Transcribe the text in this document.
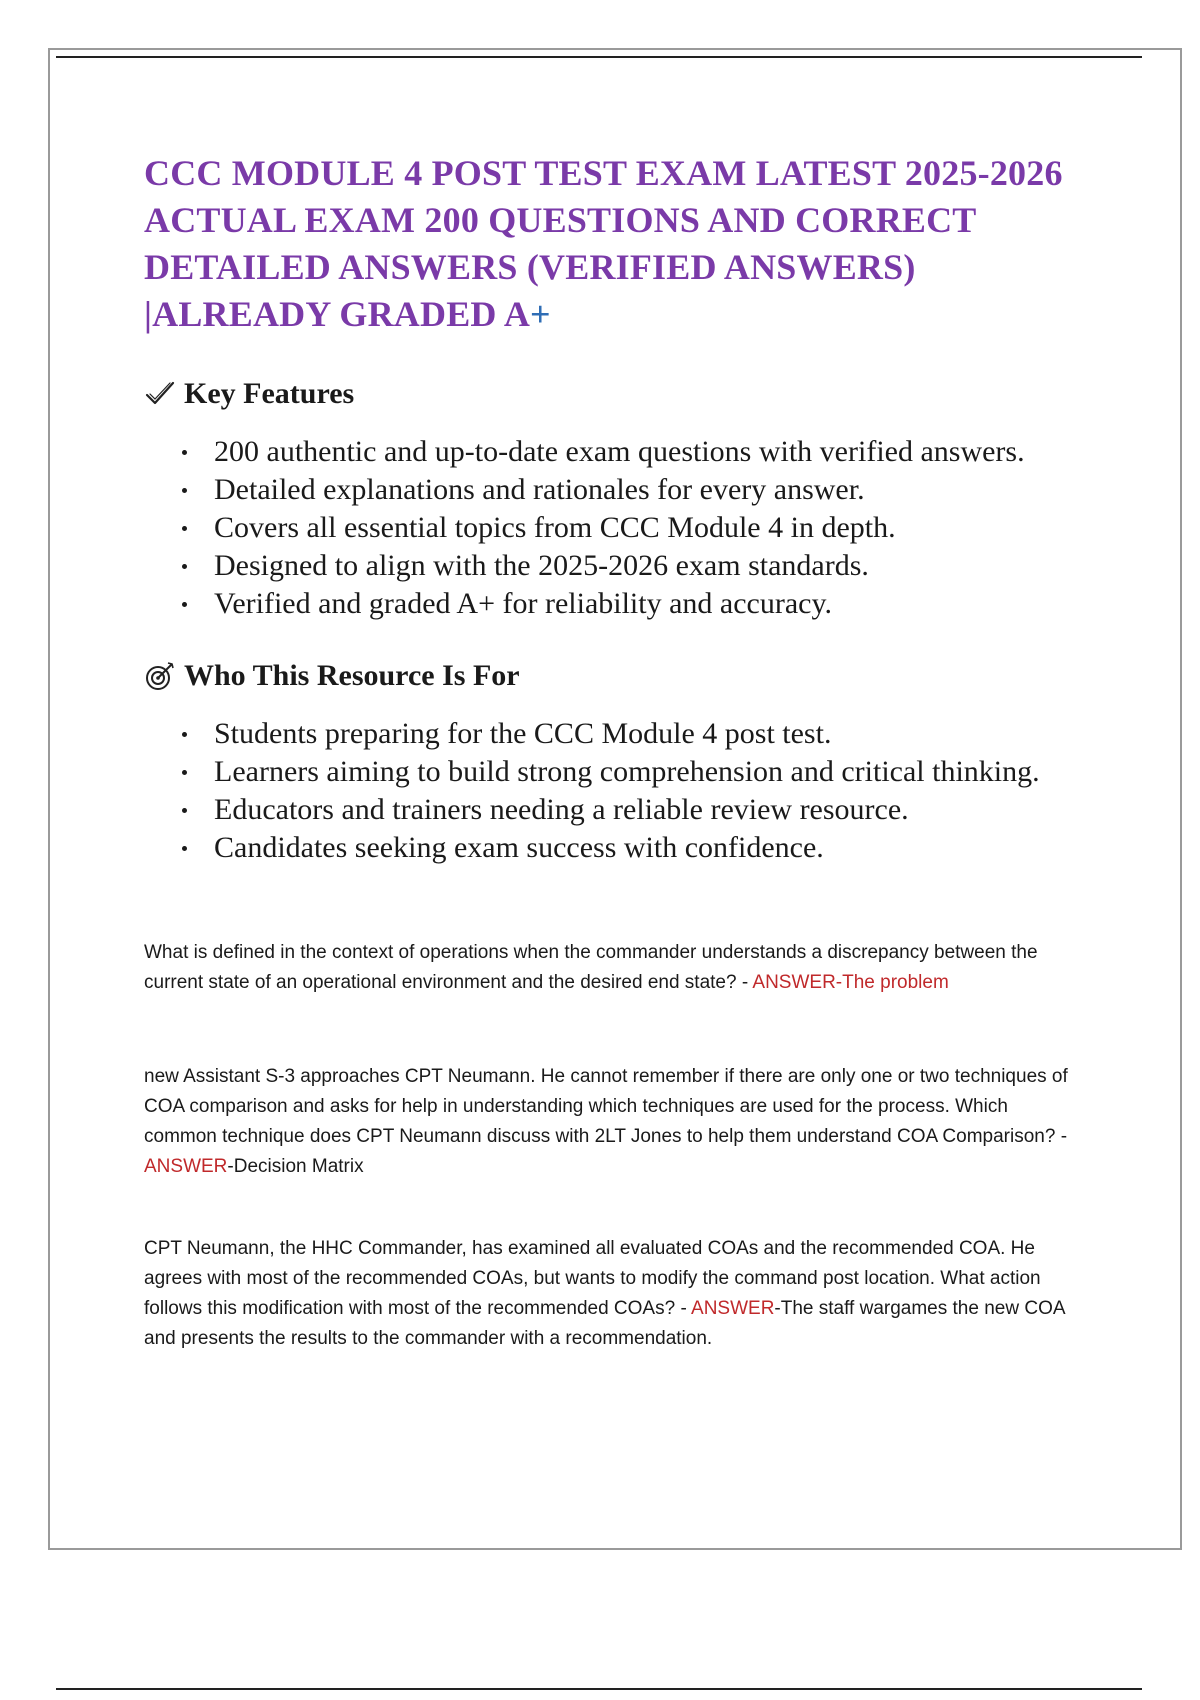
CCC MODULE 4 POST TEST EXAM LATEST 2025-2026
ACTUAL EXAM 200 QUESTIONS AND CORRECT
DETAILED ANSWERS (VERIFIED ANSWERS)
|ALREADY GRADED A+
Key Features
200 authentic and up-to-date exam questions with verified answers.
Detailed explanations and rationales for every answer.
Covers all essential topics from CCC Module 4 in depth.
Designed to align with the 2025-2026 exam standards.
Verified and graded A+ for reliability and accuracy.
Who This Resource Is For
Students preparing for the CCC Module 4 post test.
Learners aiming to build strong comprehension and critical thinking.
Educators and trainers needing a reliable review resource.
Candidates seeking exam success with confidence.

What is defined in the context of operations when the commander understands a discrepancy between the current state of an operational environment and the desired end state? - ANSWER-The problem

new Assistant S-3 approaches CPT Neumann. He cannot remember if there are only one or two techniques of COA comparison and asks for help in understanding which techniques are used for the process. Which common technique does CPT Neumann discuss with 2LT Jones to help them understand COA Comparison? - ANSWER-Decision Matrix

CPT Neumann, the HHC Commander, has examined all evaluated COAs and the recommended COA. He agrees with most of the recommended COAs, but wants to modify the command post location. What action follows this modification with most of the recommended COAs? - ANSWER-The staff wargames the new COA and presents the results to the commander with a recommendation.
